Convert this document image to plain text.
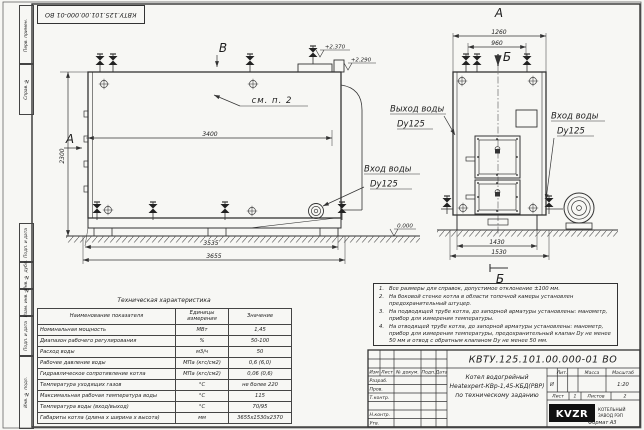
2300
3400
3535
3655
+2.370
+2.290
0.000
А
В
см. п. 2
Вход воды
Dу125
А
1260
960
1430
1530
Б
Б
Выход воды
Dу125
Вход воды
Dу125
КВТУ.125.101.00.000-01 ВО
Изм Лист № докум. Подп. Дата
Разраб.
Пров.
Т.контр.
Н.контр.
Утв.
Котел водогрейный
Heatexpert-КВр-1,45-КБД(РВР)
по техническому заданию
Лит.	Масса	Масштаб
И	1:20
Лист 1 Листов	2
KVZR КОТЕЛЬНЫЙ
ЗАВОД РЭП
КВТУ.125.101.00.000-01 ВО
Перв. примен.
Справ. №
Подп. и дата
Инв. № дубл.
Взам. инв. №
Подп. и дата
Инв. № подл.
1. Все размеры для справок, допустимое отклонение ±100 мм.
2. На боковой стенке котла в области топочной камеры установлен предохранительный штуцер.
3. На подводящей трубе котла, до запорной арматуры установлены: манометр, прибор для измерения температуры.
4. На отводящей трубе котла, до запорной арматуры установлены: манометр, прибор для измерения температуры, предохранительный клапан Dу не менее 50 мм и отвод с обратным клапаном Dу не менее 50 мм.
Техническая характеристика
Наименование показателя	Единицы измерения	Значение
Номинальная мощность	МВт	1,45
Диапазон рабочего регулирования	%	50-100
Расход воды	м3/ч	50
Рабочее давление воды	МПа (кгс/см2)	0,6 (6,0)
Гидравлическое сопротивление котла	МПа (кгс/см2)	0,06 (0,6)
Температура уходящих газов	°С	не более 220
Максимальная рабочая температура воды	°С	115
Температура воды (вход/выход)	°С	70/95
Габариты котла (длина х ширина х высота)	мм	3655х1530х2370
Формат А3
